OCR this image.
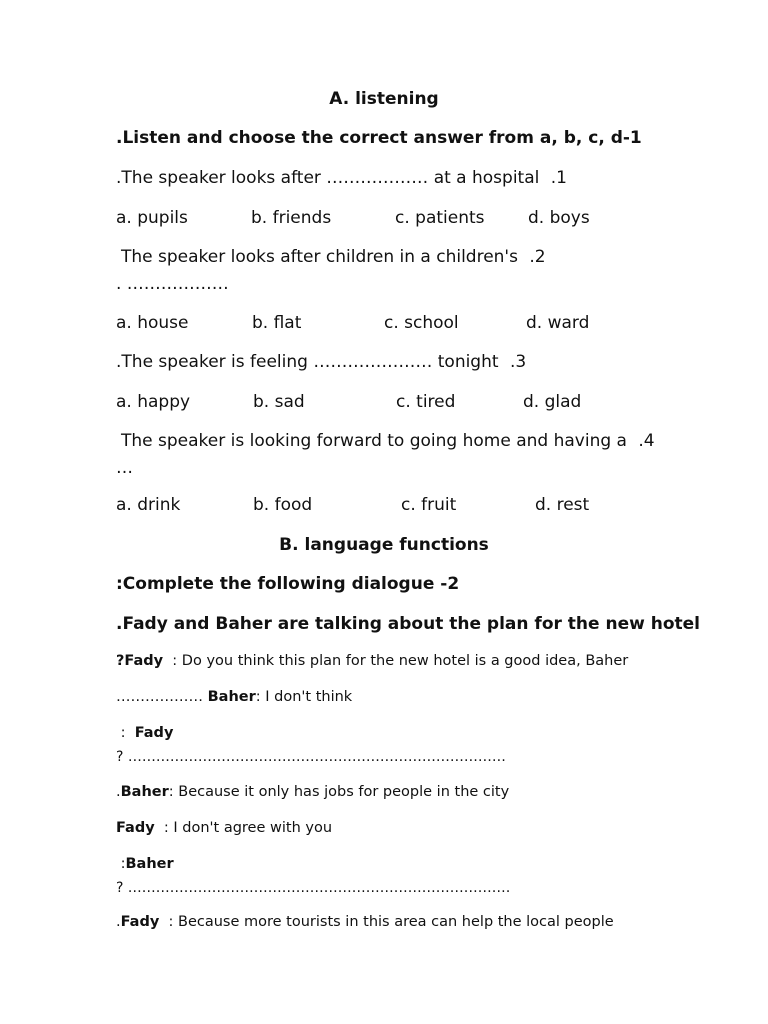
A. listening
.Listen and choose the correct answer from a, b, c, d-1
.The speaker looks after ……………… at a hospital .1
a. pupils	b. friends	c. patients	d. boys
The speaker looks after children in a children's .2
. ………………
a. house	b. flat	c. school	d. ward
.The speaker is feeling ………………… tonight .3
a. happy	b. sad	c. tired	d. glad
The speaker is looking forward to going home and having a .4
…
a. drink	b. food	c. fruit	d. rest
B. language functions
:Complete the following dialogue -2
.Fady and Baher are talking about the plan for the new hotel
?Fady  : Do you think this plan for the new hotel is a good idea, Baher
……………… Baher: I don't think
:  Fady
? ………………………………………………………………………
.Baher: Because it only has jobs for people in the city
Fady  : I don't agree with you
:Baher
? .………………………………………………………………………
.Fady  : Because more tourists in this area can help the local people
